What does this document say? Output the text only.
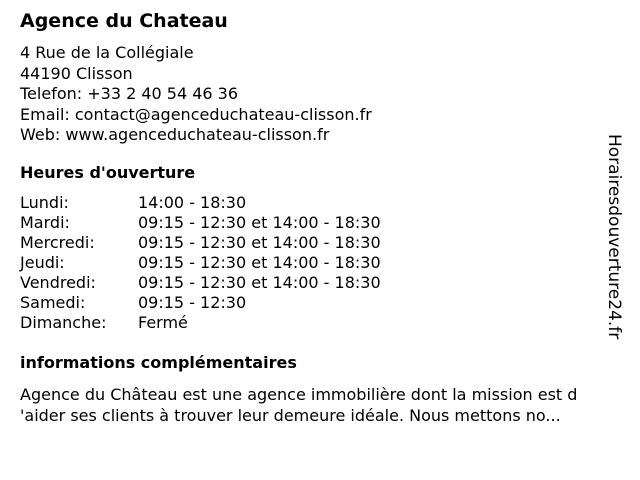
Agence du Chateau
4 Rue de la Collégiale
44190 Clisson
Telefon: +33 2 40 54 46 36
Email: contact@agenceduchateau-clisson.fr
Web: www.agenceduchateau-clisson.fr
Heures d'ouverture
Lundi:	14:00 - 18:30
Mardi:	09:15 - 12:30 et 14:00 - 18:30
Mercredi:	09:15 - 12:30 et 14:00 - 18:30
Jeudi:	09:15 - 12:30 et 14:00 - 18:30
Vendredi:	09:15 - 12:30 et 14:00 - 18:30
Samedi:	09:15 - 12:30
Dimanche: Fermé
informations complémentaires
Agence du Château est une agence immobilière dont la mission est d
'aider ses clients à trouver leur demeure idéale. Nous mettons no...
Horairesdouverture24.fr
